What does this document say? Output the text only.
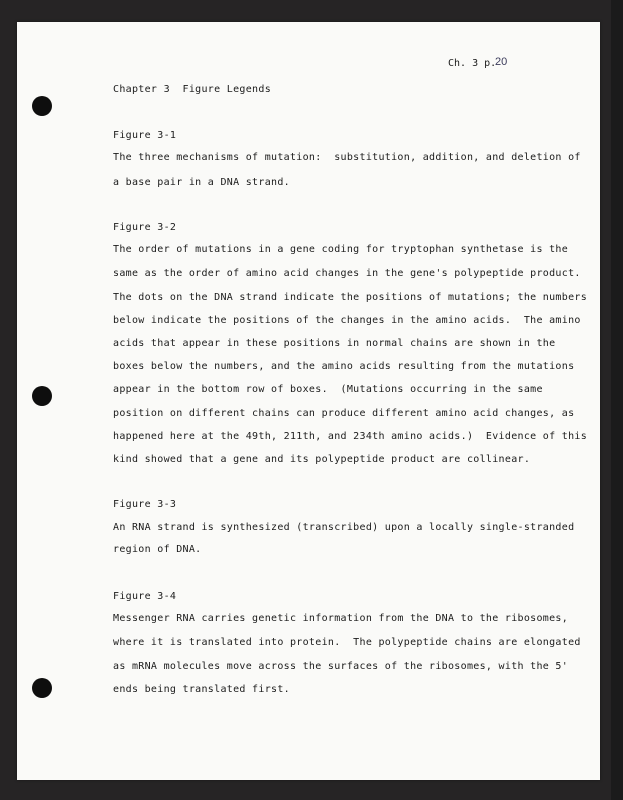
Ch. 3 p.
20

Chapter 3  Figure Legends

Figure 3-1

The three mechanisms of mutation:  substitution, addition, and deletion of

a base pair in a DNA strand.

Figure 3-2

The order of mutations in a gene coding for tryptophan synthetase is the

same as the order of amino acid changes in the gene's polypeptide product.

The dots on the DNA strand indicate the positions of mutations; the numbers

below indicate the positions of the changes in the amino acids.  The amino

acids that appear in these positions in normal chains are shown in the

boxes below the numbers, and the amino acids resulting from the mutations

appear in the bottom row of boxes.  (Mutations occurring in the same

position on different chains can produce different amino acid changes, as

happened here at the 49th, 211th, and 234th amino acids.)  Evidence of this

kind showed that a gene and its polypeptide product are collinear.

Figure 3-3

An RNA strand is synthesized (transcribed) upon a locally single-stranded

region of DNA.

Figure 3-4

Messenger RNA carries genetic information from the DNA to the ribosomes,

where it is translated into protein.  The polypeptide chains are elongated

as mRNA molecules move across the surfaces of the ribosomes, with the 5'

ends being translated first.
